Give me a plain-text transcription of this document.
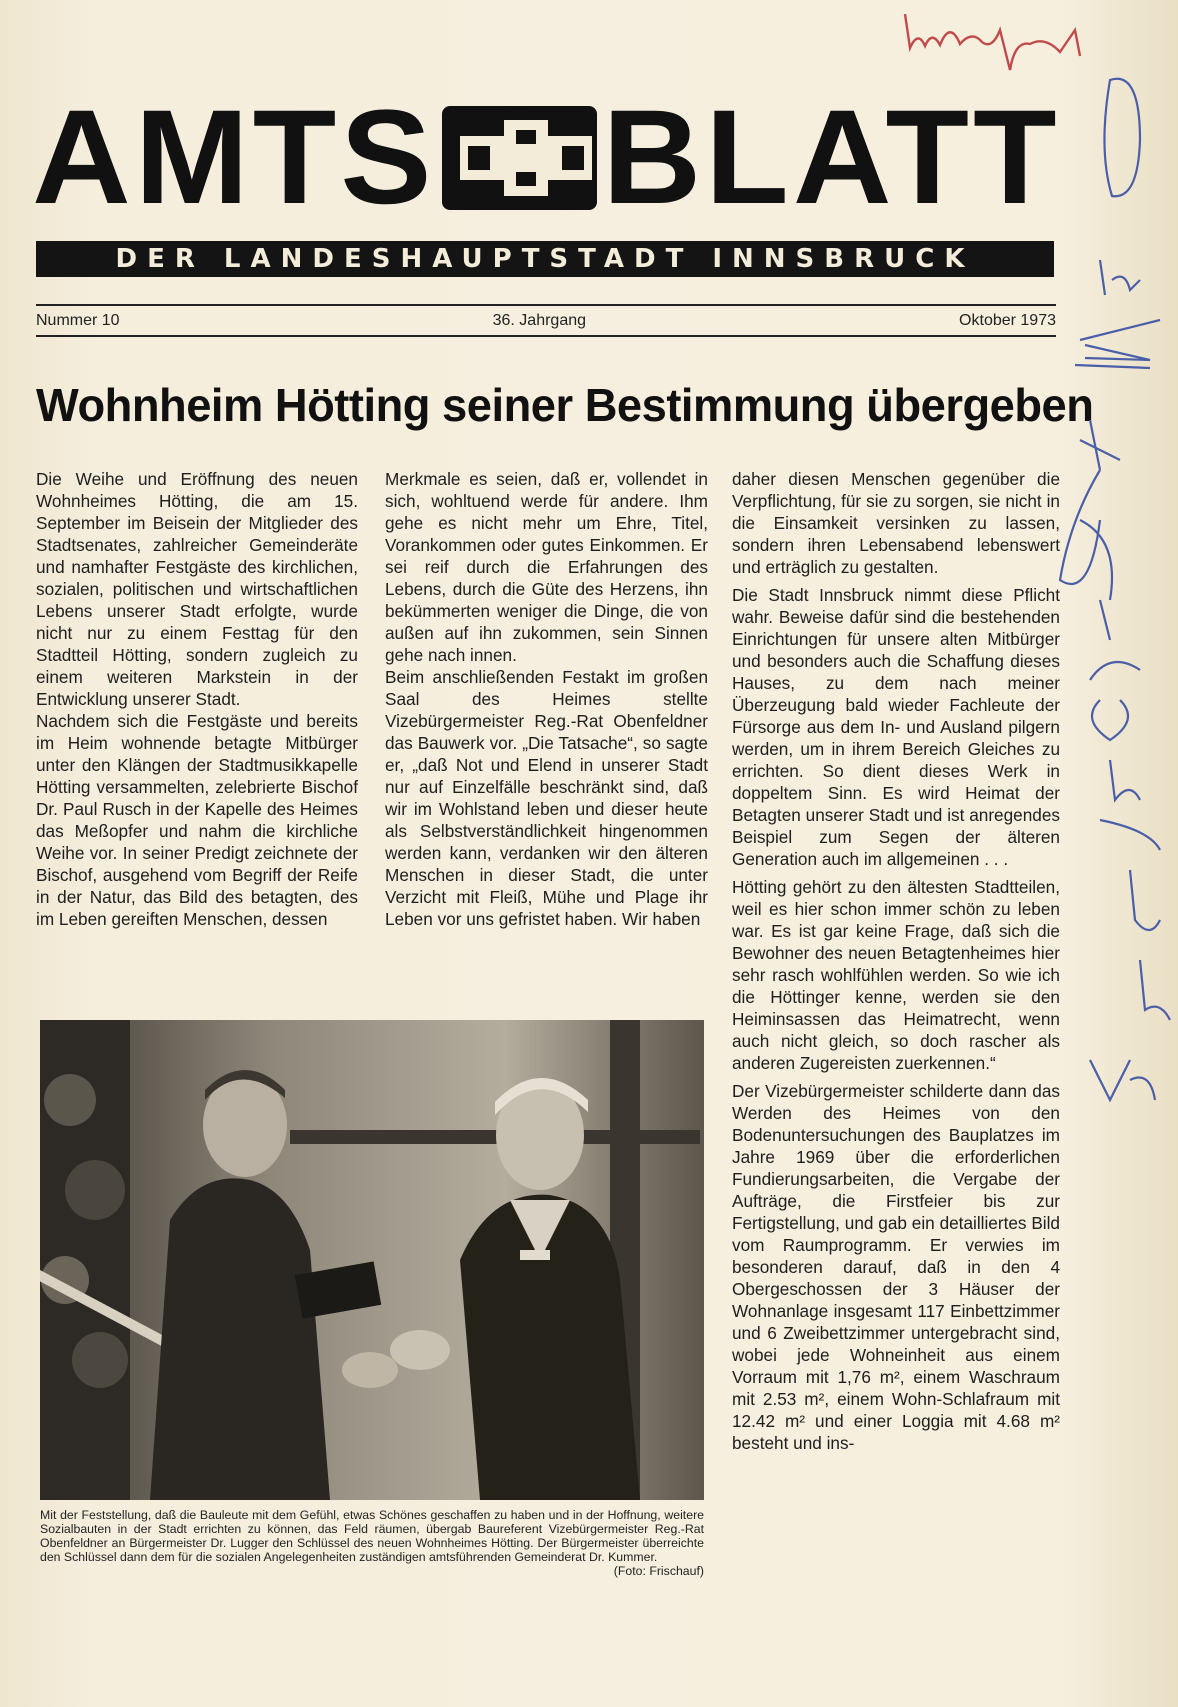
AMTS BLATT
DER LANDESHAUPTSTADT INNSBRUCK
Nummer 10	36. Jahrgang	Oktober 1973
Wohnheim Hötting seiner Bestimmung übergeben

Die Weihe und Eröffnung des neuen Wohnheimes Hötting, die am 15. September im Beisein der Mitglieder des Stadtsenates, zahlreicher Gemeinderäte und namhafter Festgäste des kirchlichen, sozialen, politischen und wirtschaftlichen Lebens unserer Stadt erfolgte, wurde nicht nur zu einem Festtag für den Stadtteil Hötting, sondern zugleich zu einem weiteren Markstein in der Entwicklung unserer Stadt.

Nachdem sich die Festgäste und bereits im Heim wohnende betagte Mitbürger unter den Klängen der Stadtmusikkapelle Hötting versammelten, zelebrierte Bischof Dr. Paul Rusch in der Kapelle des Heimes das Meßopfer und nahm die kirchliche Weihe vor. In seiner Predigt zeichnete der Bischof, ausgehend vom Begriff der Reife in der Natur, das Bild des betagten, des im Leben gereiften Menschen, dessen

Merkmale es seien, daß er, vollendet in sich, wohltuend werde für andere. Ihm gehe es nicht mehr um Ehre, Titel, Vorankommen oder gutes Einkommen. Er sei reif durch die Erfahrungen des Lebens, durch die Güte des Herzens, ihn bekümmerten weniger die Dinge, die von außen auf ihn zukommen, sein Sinnen gehe nach innen.

Beim anschließenden Festakt im großen Saal des Heimes stellte Vizebürgermeister Reg.-Rat Obenfeldner das Bauwerk vor. „Die Tatsache“, so sagte er, „daß Not und Elend in unserer Stadt nur auf Einzelfälle beschränkt sind, daß wir im Wohlstand leben und dieser heute als Selbstverständlichkeit hingenommen werden kann, verdanken wir den älteren Menschen in dieser Stadt, die unter Verzicht mit Fleiß, Mühe und Plage ihr Leben vor uns gefristet haben. Wir haben

daher diesen Menschen gegenüber die Verpflichtung, für sie zu sorgen, sie nicht in die Einsamkeit versinken zu lassen, sondern ihren Lebensabend lebenswert und erträglich zu gestalten.

Die Stadt Innsbruck nimmt diese Pflicht wahr. Beweise dafür sind die bestehenden Einrichtungen für unsere alten Mitbürger und besonders auch die Schaffung dieses Hauses, zu dem nach meiner Überzeugung bald wieder Fachleute der Fürsorge aus dem In- und Ausland pilgern werden, um in ihrem Bereich Gleiches zu errichten. So dient dieses Werk in doppeltem Sinn. Es wird Heimat der Betagten unserer Stadt und ist anregendes Beispiel zum Segen der älteren Generation auch im allgemeinen . . .

Hötting gehört zu den ältesten Stadtteilen, weil es hier schon immer schön zu leben war. Es ist gar keine Frage, daß sich die Bewohner des neuen Betagtenheimes hier sehr rasch wohlfühlen werden. So wie ich die Höttinger kenne, werden sie den Heiminsassen das Heimatrecht, wenn auch nicht gleich, so doch rascher als anderen Zugereisten zuerkennen.“

Der Vizebürgermeister schilderte dann das Werden des Heimes von den Bodenuntersuchungen des Bauplatzes im Jahre 1969 über die erforderlichen Fundierungsarbeiten, die Vergabe der Aufträge, die Firstfeier bis zur Fertigstellung, und gab ein detailliertes Bild vom Raumprogramm. Er verwies im besonderen darauf, daß in den 4 Obergeschossen der 3 Häuser der Wohnanlage insgesamt 117 Einbettzimmer und 6 Zweibettzimmer untergebracht sind, wobei jede Wohneinheit aus einem Vorraum mit 1,76 m², einem Waschraum mit 2.53 m², einem Wohn-Schlafraum mit 12.42 m² und einer Loggia mit 4.68 m² besteht und ins-

Mit der Feststellung, daß die Bauleute mit dem Gefühl, etwas Schönes geschaffen zu haben und in der Hoffnung, weitere Sozialbauten in der Stadt errichten zu können, das Feld räumen, übergab Baureferent Vizebürgermeister Reg.-Rat Obenfeldner an Bürgermeister Dr. Lugger den Schlüssel des neuen Wohnheimes Hötting. Der Bürgermeister überreichte den Schlüssel dann dem für die sozialen Angelegenheiten zuständigen amtsführenden Gemeinderat Dr. Kummer.
(Foto: Frischauf)
